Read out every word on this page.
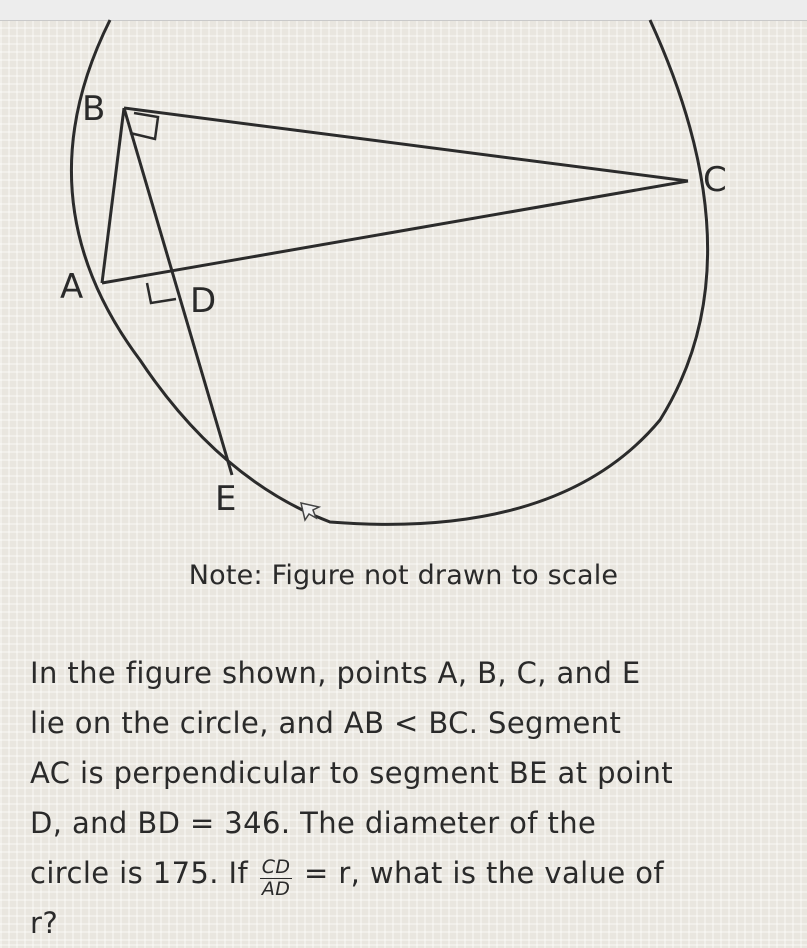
B
C
A	D
E
Note: Figure not drawn to scale
In the figure shown, points A, B, C, and E
lie on the circle, and AB < BC. Segment
AC is perpendicular to segment BE at point
D, and BD = 346. The diameter of the
circle is 175. If $\frac{CD}{AD} = r$, what is the value of
r?
